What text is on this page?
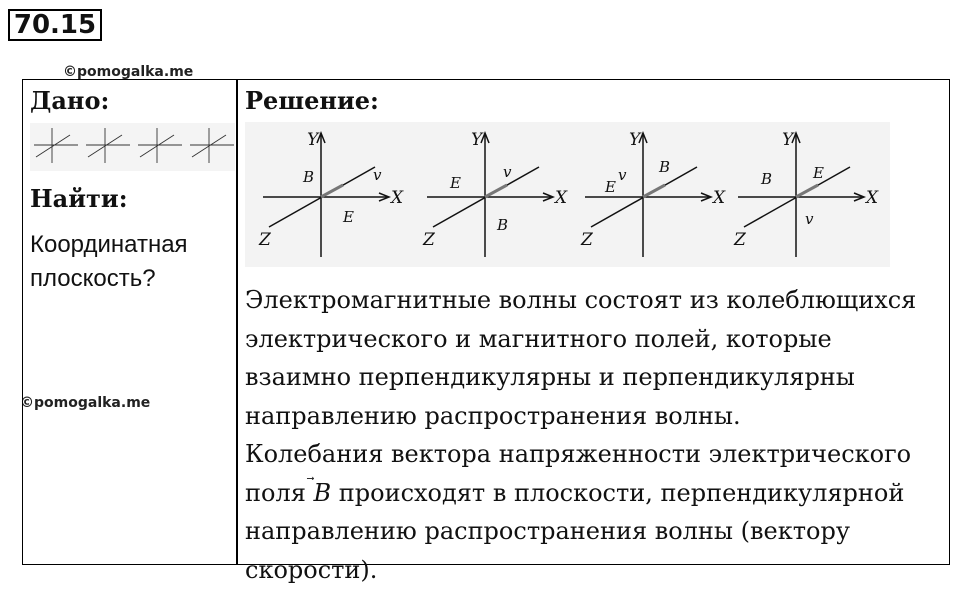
70.15
©pomogalka.me
©pomogalka.me
Дано:
Найти:
Координатная плоскость?
Решение:
Y
X
Z
B	v
E
Y
X
Z
E
v
B
Y
X
Z
v B
E
Y
X
Z
B	E
v

Электромагнитные волны состоят из колеблющихся электрического и магнитного полей, которые взаимно перпендикулярны и перпендикулярны направлению распространения волны.

Колебания вектора напряженности электрического поля B происходят в плоскости, перпендикулярной направлению распространения волны (вектору скорости).
